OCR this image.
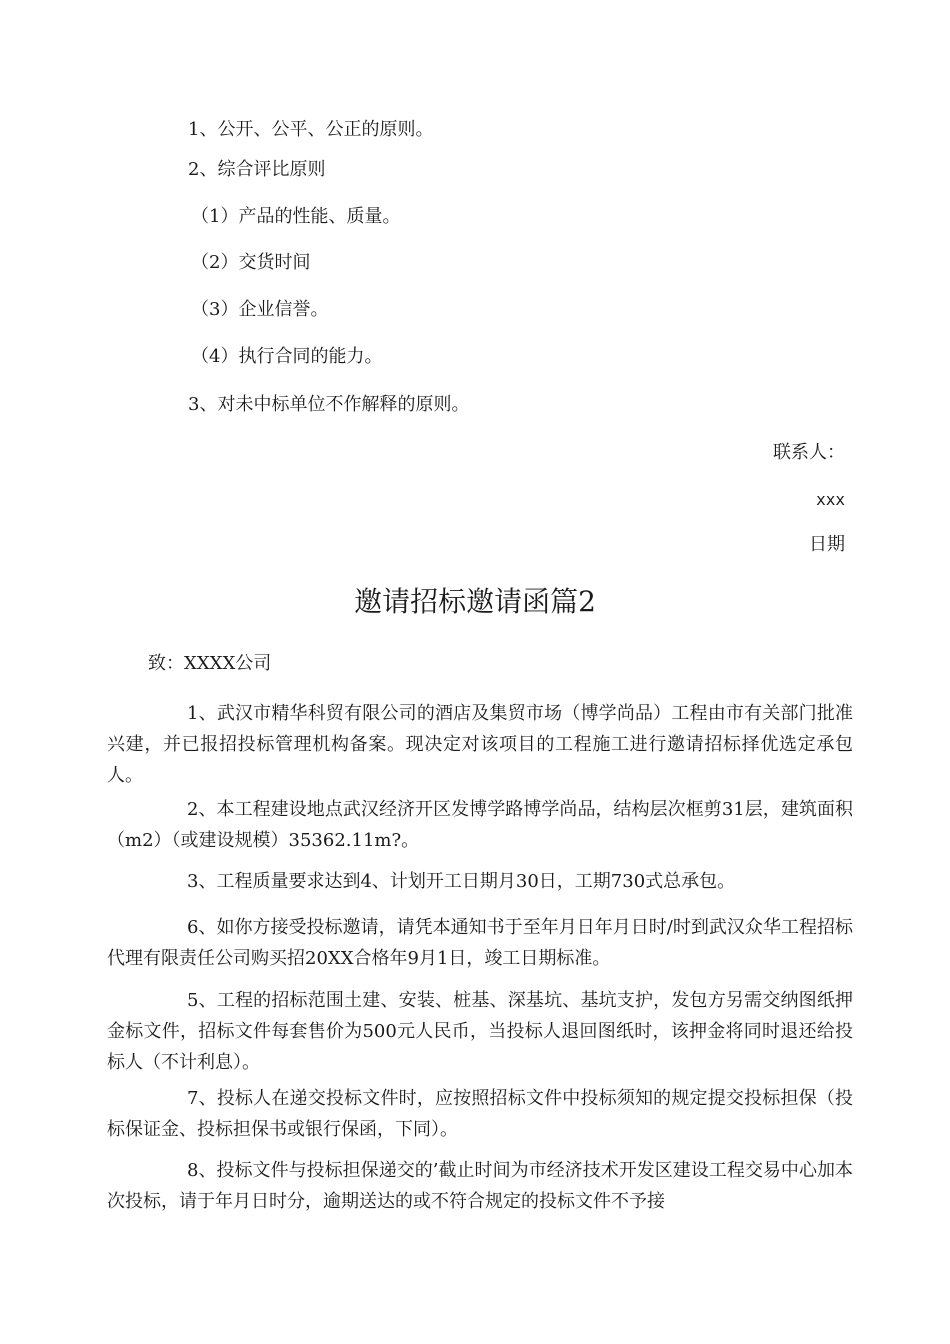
1、公开、公平、公正的原则。
2、综合评比原则
（1）产品的性能、质量。
（2）交货时间
（3）企业信誉。
（4）执行合同的能力。
3、对未中标单位不作解释的原则。
联系人：
xxx
日期
邀请招标邀请函篇2
致：XXXX公司
1、武汉市精华科贸有限公司的酒店及集贸市场（博学尚品）工程由市有关部门批准兴建，并已报招投标管理机构备案。现决定对该项目的工程施工进行邀请招标择优选定承包人。
2、本工程建设地点武汉经济开区发博学路博学尚品，结构层次框剪31层，建筑面积（m2）（或建设规模）35362.11m?。
3、工程质量要求达到4、计划开工日期月30日，工期730式总承包。
6、如你方接受投标邀请，请凭本通知书于至年月日年月日时/时到武汉众华工程招标代理有限责任公司购买招20XX合格年9月1日，竣工日期标准。
5、工程的招标范围土建、安装、桩基、深基坑、基坑支护，发包方另需交纳图纸押金标文件，招标文件每套售价为500元人民币，当投标人退回图纸时，该押金将同时退还给投标人（不计利息）。
7、投标人在递交投标文件时，应按照招标文件中投标须知的规定提交投标担保（投标保证金、投标担保书或银行保函，下同）。
8、投标文件与投标担保递交的’截止时间为市经济技术开发区建设工程交易中心加本次投标，请于年月日时分，逾期送达的或不符合规定的投标文件不予接
